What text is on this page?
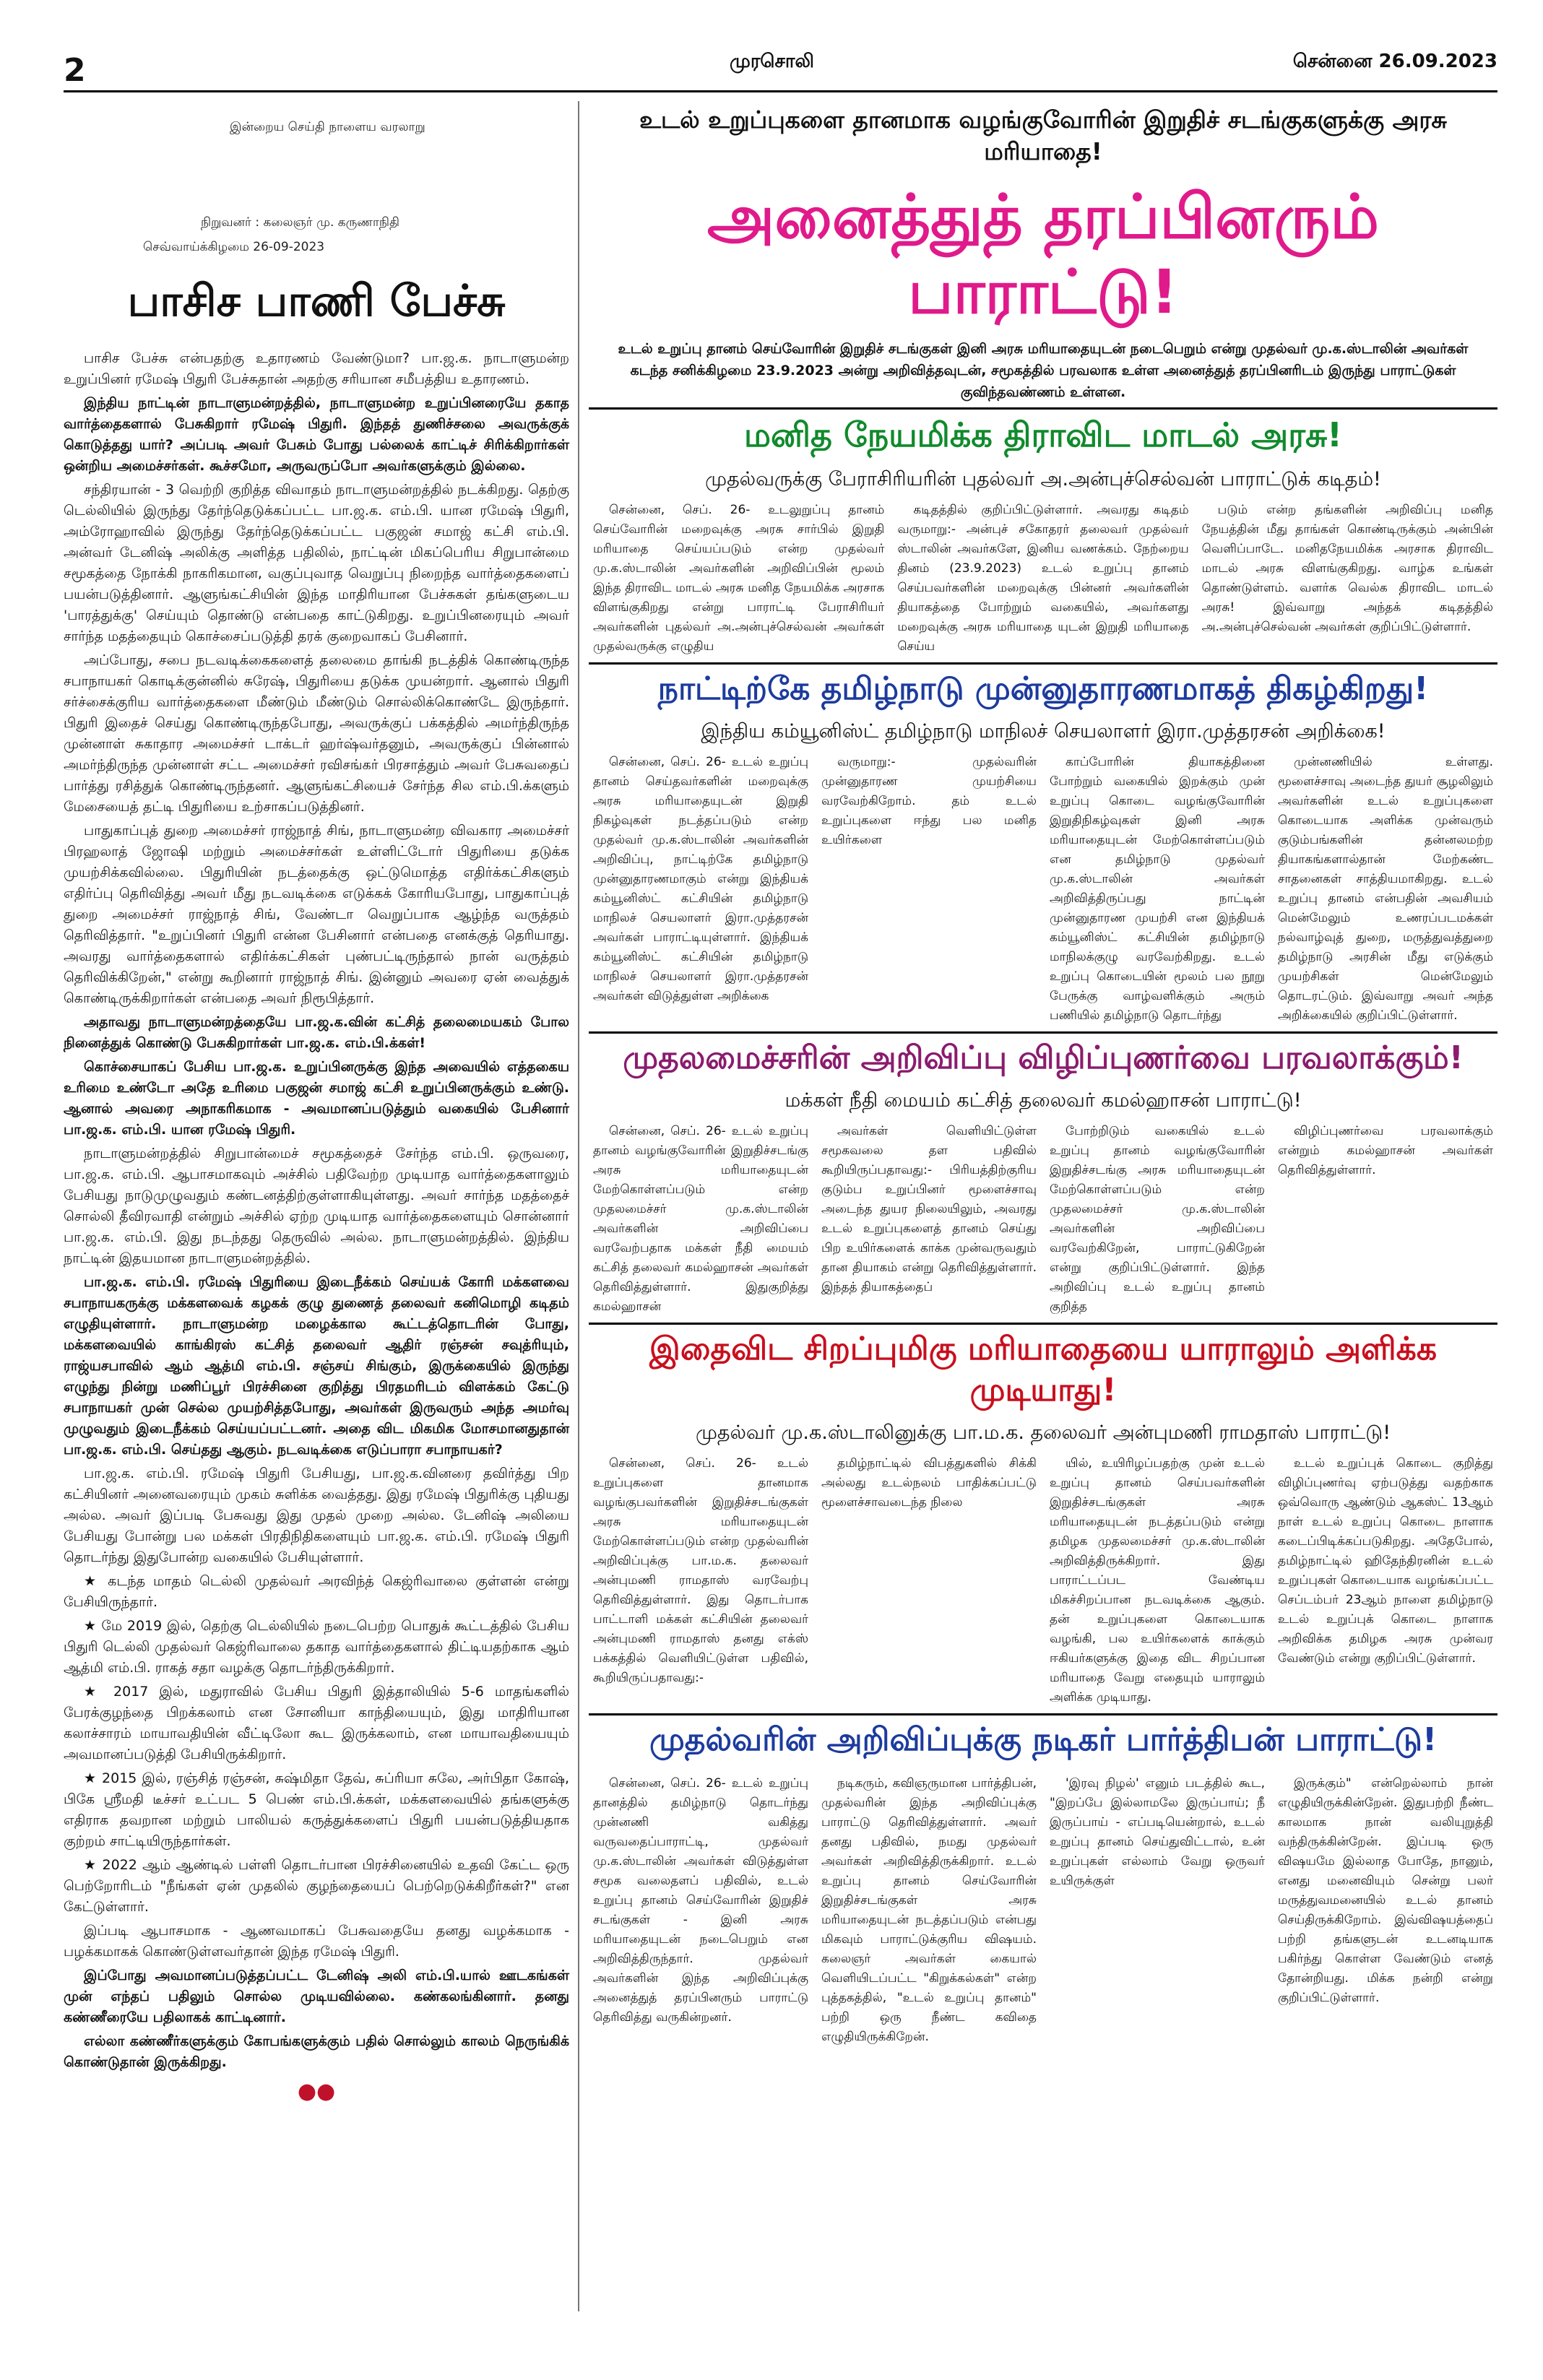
2	முரசொலி	சென்னை 26.09.2023
இன்றைய செய்தி நாளைய வரலாறு
நிறுவனர் : கலைஞர் மு. கருணாநிதி
செவ்வாய்க்கிழமை 26-09-2023
பாசிச பாணி பேச்சு

பாசிச பேச்சு என்பதற்கு உதாரணம் வேண்டுமா? பா.ஜ.க. நாடாளுமன்ற உறுப்பினர் ரமேஷ் பிதுரி பேச்சுதான் அதற்கு சரியான சமீபத்திய உதாரணம்.

இந்திய நாட்டின் நாடாளுமன்றத்தில், நாடாளுமன்ற உறுப்பினரையே தகாத வார்த்தைகளால் பேசுகிறார் ரமேஷ் பிதுரி. இந்தத் துணிச்சலை அவருக்குக் கொடுத்தது யார்? அப்படி அவர் பேசும் போது பல்லைக் காட்டிச் சிரிக்கிறார்கள் ஒன்றிய அமைச்சர்கள். கூச்சமோ, அருவருப்போ அவர்களுக்கும் இல்லை.

சந்திரயான் - 3 வெற்றி குறித்த விவாதம் நாடாளுமன்றத்தில் நடக்கிறது. தெற்கு டெல்லியில் இருந்து தேர்ந்தெடுக்கப்பட்ட பா.ஜ.க. எம்.பி. யான ரமேஷ் பிதுரி, அம்ரோஹாவில் இருந்து தேர்ந்தெடுக்கப்பட்ட பகுஜன் சமாஜ் கட்சி எம்.பி. அன்வர் டேனிஷ் அலிக்கு அளித்த பதிலில், நாட்டின் மிகப்பெரிய சிறுபான்மை சமூகத்தை நோக்கி நாகரிகமான, வகுப்புவாத வெறுப்பு நிறைந்த வார்த்தைகளைப் பயன்படுத்தினார். ஆளுங்கட்சியின் இந்த மாதிரியான பேச்சுகள் தங்களுடைய 'பாரத்துக்கு' செய்யும் தொண்டு என்பதை காட்டுகிறது. உறுப்பினரையும் அவர் சார்ந்த மதத்தையும் கொச்சைப்படுத்தி தரக் குறைவாகப் பேசினார்.

அப்போது, சபை நடவடிக்கைகளைத் தலைமை தாங்கி நடத்திக் கொண்டிருந்த சபாநாயகர் கொடிக்குன்னில் சுரேஷ், பிதுரியை தடுக்க முயன்றார். ஆனால் பிதுரி சர்ச்சைக்குரிய வார்த்தைகளை மீண்டும் மீண்டும் சொல்லிக்கொண்டே இருந்தார். பிதுரி இதைச் செய்து கொண்டிருந்தபோது, அவருக்குப் பக்கத்தில் அமர்ந்திருந்த முன்னாள் சுகாதார அமைச்சர் டாக்டர் ஹர்ஷ்வர்தனும், அவருக்குப் பின்னால் அமர்ந்திருந்த முன்னாள் சட்ட அமைச்சர் ரவிசங்கர் பிரசாத்தும் அவர் பேசுவதைப் பார்த்து ரசித்துக் கொண்டிருந்தனர். ஆளுங்கட்சியைச் சேர்ந்த சில எம்.பி.க்களும் மேசையைத் தட்டி பிதுரியை உற்சாகப்படுத்தினர்.

பாதுகாப்புத் துறை அமைச்சர் ராஜ்நாத் சிங், நாடாளுமன்ற விவகார அமைச்சர் பிரஹலாத் ஜோஷி மற்றும் அமைச்சர்கள் உள்ளிட்டோர் பிதுரியை தடுக்க முயற்சிக்கவில்லை. பிதுரியின் நடத்தைக்கு ஒட்டுமொத்த எதிர்க்கட்சிகளும் எதிர்ப்பு தெரிவித்து அவர் மீது நடவடிக்கை எடுக்கக் கோரியபோது, பாதுகாப்புத் துறை அமைச்சர் ராஜ்நாத் சிங், வேண்டா வெறுப்பாக ஆழ்ந்த வருத்தம் தெரிவித்தார். "உறுப்பினர் பிதுரி என்ன பேசினார் என்பதை எனக்குத் தெரியாது. அவரது வார்த்தைகளால் எதிர்க்கட்சிகள் புண்பட்டிருந்தால் நான் வருத்தம் தெரிவிக்கிறேன்," என்று கூறினார் ராஜ்நாத் சிங். இன்னும் அவரை ஏன் வைத்துக் கொண்டிருக்கிறார்கள் என்பதை அவர் நிரூபித்தார்.

அதாவது நாடாளுமன்றத்தையே பா.ஜ.க.வின் கட்சித் தலைமையகம் போல நினைத்துக் கொண்டு பேசுகிறார்கள் பா.ஜ.க. எம்.பி.க்கள்!

கொச்சையாகப் பேசிய பா.ஜ.க. உறுப்பினருக்கு இந்த அவையில் எத்தகைய உரிமை உண்டோ அதே உரிமை பகுஜன் சமாஜ் கட்சி உறுப்பினருக்கும் உண்டு. ஆனால் அவரை அநாகரிகமாக - அவமானப்படுத்தும் வகையில் பேசினார் பா.ஜ.க. எம்.பி. யான ரமேஷ் பிதுரி.

நாடாளுமன்றத்தில் சிறுபான்மைச் சமூகத்தைச் சேர்ந்த எம்.பி. ஒருவரை, பா.ஜ.க. எம்.பி. ஆபாசமாகவும் அச்சில் பதிவேற்ற முடியாத வார்த்தைகளாலும் பேசியது நாடுமுழுவதும் கண்டனத்திற்குள்ளாகியுள்ளது. அவர் சார்ந்த மதத்தைச் சொல்லி தீவிரவாதி என்றும் அச்சில் ஏற்ற முடியாத வார்த்தைகளையும் சொன்னார் பா.ஜ.க. எம்.பி. இது நடந்தது தெருவில் அல்ல. நாடாளுமன்றத்தில். இந்திய நாட்டின் இதயமான நாடாளுமன்றத்தில்.

பா.ஜ.க. எம்.பி. ரமேஷ் பிதுரியை இடைநீக்கம் செய்யக் கோரி மக்களவை சபாநாயகருக்கு மக்களவைக் கழகக் குழு துணைத் தலைவர் கனிமொழி கடிதம் எழுதியுள்ளார். நாடாளுமன்ற மழைக்கால கூட்டத்தொடரின் போது, மக்களவையில் காங்கிரஸ் கட்சித் தலைவர் ஆதிர் ரஞ்சன் சவுத்ரியும், ராஜ்யசபாவில் ஆம் ஆத்மி எம்.பி. சஞ்சய் சிங்கும், இருக்கையில் இருந்து எழுந்து நின்று மணிப்பூர் பிரச்சினை குறித்து பிரதமரிடம் விளக்கம் கேட்டு சபாநாயகர் முன் செல்ல முயற்சித்தபோது, அவர்கள் இருவரும் அந்த அமர்வு முழுவதும் இடைநீக்கம் செய்யப்பட்டனர். அதை விட மிகமிக மோசமானதுதான் பா.ஜ.க. எம்.பி. செய்தது ஆகும். நடவடிக்கை எடுப்பாரா சபாநாயகர்?

பா.ஜ.க. எம்.பி. ரமேஷ் பிதுரி பேசியது, பா.ஜ.க.வினரை தவிர்த்து பிற கட்சியினர் அனைவரையும் முகம் சுளிக்க வைத்தது. இது ரமேஷ் பிதுரிக்கு புதியது அல்ல. அவர் இப்படி பேசுவது இது முதல் முறை அல்ல. டேனிஷ் அலியை பேசியது போன்று பல மக்கள் பிரதிநிதிகளையும் பா.ஜ.க. எம்.பி. ரமேஷ் பிதுரி தொடர்ந்து இதுபோன்ற வகையில் பேசியுள்ளார்.

★ கடந்த மாதம் டெல்லி முதல்வர் அரவிந்த் கெஜ்ரிவாலை குள்ளன் என்று பேசியிருந்தார்.

★ மே 2019 இல், தெற்கு டெல்லியில் நடைபெற்ற பொதுக் கூட்டத்தில் பேசிய பிதுரி டெல்லி முதல்வர் கெஜ்ரிவாலை தகாத வார்த்தைகளால் திட்டியதற்காக ஆம் ஆத்மி எம்.பி. ராகத் சதா வழக்கு தொடர்ந்திருக்கிறார்.

★ 2017 இல், மதுராவில் பேசிய பிதுரி இத்தாலியில் 5-6 மாதங்களில் பேரக்குழந்தை பிறக்கலாம் என சோனியா காந்தியையும், இது மாதிரியான கலாச்சாரம் மாயாவதியின் வீட்டிலோ கூட இருக்கலாம், என மாயாவதியையும் அவமானப்படுத்தி பேசியிருக்கிறார்.

★ 2015 இல், ரஞ்சித் ரஞ்சன், சுஷ்மிதா தேவ், சுப்ரியா சுலே, அர்பிதா கோஷ், பிகே ஸ்ரீமதி டீச்சர் உட்பட 5 பெண் எம்.பி.க்கள், மக்களவையில் தங்களுக்கு எதிராக தவறான மற்றும் பாலியல் கருத்துக்களைப் பிதுரி பயன்படுத்தியதாக குற்றம் சாட்டியிருந்தார்கள்.

★ 2022 ஆம் ஆண்டில் பள்ளி தொடர்பான பிரச்சினையில் உதவி கேட்ட ஒரு பெற்றோரிடம் "நீங்கள் ஏன் முதலில் குழந்தையைப் பெற்றெடுக்கிறீர்கள்?" என கேட்டுள்ளார்.

இப்படி ஆபாசமாக - ஆணவமாகப் பேசுவதையே தனது வழக்கமாக - பழக்கமாகக் கொண்டுள்ளவர்தான் இந்த ரமேஷ் பிதுரி.

இப்போது அவமானப்படுத்தப்பட்ட டேனிஷ் அலி எம்.பி.யால் ஊடகங்கள் முன் எந்தப் பதிலும் சொல்ல முடியவில்லை. கண்கலங்கினார். தனது கண்ணீரையே பதிலாகக் காட்டினார்.

எல்லா கண்ணீர்களுக்கும் கோபங்களுக்கும் பதில் சொல்லும் காலம் நெருங்கிக் கொண்டுதான் இருக்கிறது.

●●
உடல் உறுப்புகளை தானமாக வழங்குவோரின் இறுதிச் சடங்குகளுக்கு அரசு மரியாதை!
அனைத்துத் தரப்பினரும் பாராட்டு!
உடல் உறுப்பு தானம் செய்வோரின் இறுதிச் சடங்குகள் இனி அரசு மரியாதையுடன் நடைபெறும் என்று முதல்வர் மு.க.ஸ்டாலின் அவர்கள் கடந்த சனிக்கிழமை 23.9.2023 அன்று அறிவித்தவுடன், சமூகத்தில் பரவலாக உள்ள அனைத்துத் தரப்பினரிடம் இருந்து பாராட்டுகள் குவிந்தவண்ணம் உள்ளன.
மனித நேயமிக்க திராவிட மாடல் அரசு!
முதல்வருக்கு பேராசிரியரின் புதல்வர் அ.அன்புச்செல்வன் பாராட்டுக் கடிதம்!

சென்னை, செப். 26- உடலுறுப்பு தானம் செய்வோரின் மறைவுக்கு அரசு சார்பில் இறுதி மரியாதை செய்யப்படும் என்ற முதல்வர் மு.க.ஸ்டாலின் அவர்களின் அறிவிப்பின் மூலம் இந்த திராவிட மாடல் அரசு மனித நேயமிக்க அரசாக விளங்குகிறது என்று பாராட்டி பேராசிரியர் அவர்களின் புதல்வர் அ.அன்புச்செல்வன் அவர்கள் முதல்வருக்கு எழுதிய

கடிதத்தில் குறிப்பிட்டுள்ளார். அவரது கடிதம் வருமாறு:- அன்புச் சகோதரர் தலைவர் முதல்வர் ஸ்டாலின் அவர்களே, இனிய வணக்கம். நேற்றைய தினம் (23.9.2023) உடல் உறுப்பு தானம் செய்பவர்களின் மறைவுக்கு பின்னர் அவர்களின் தியாகத்தை போற்றும் வகையில், அவர்களது மறைவுக்கு அரசு மரியாதை யுடன் இறுதி மரியாதை செய்ய

படும் என்ற தங்களின் அறிவிப்பு மனித நேயத்தின் மீது தாங்கள் கொண்டிருக்கும் அன்பின் வெளிப்பாடே. மனிதநேயமிக்க அரசாக திராவிட மாடல் அரசு விளங்குகிறது. வாழ்க உங்கள் தொண்டுள்ளம். வளர்க வெல்க திராவிட மாடல் அரசு! இவ்வாறு அந்தக் கடிதத்தில் அ.அன்புச்செல்வன் அவர்கள் குறிப்பிட்டுள்ளார்.

நாட்டிற்கே தமிழ்நாடு முன்னுதாரணமாகத் திகழ்கிறது!
இந்திய கம்யூனிஸ்ட் தமிழ்நாடு மாநிலச் செயலாளர் இரா.முத்தரசன் அறிக்கை!

சென்னை, செப். 26- உடல் உறுப்பு தானம் செய்தவர்களின் மறைவுக்கு அரசு மரியாதையுடன் இறுதி நிகழ்வுகள் நடத்தப்படும் என்ற முதல்வர் மு.க.ஸ்டாலின் அவர்களின் அறிவிப்பு, நாட்டிற்கே தமிழ்நாடு முன்னுதாரணமாகும் என்று இந்தியக் கம்யூனிஸ்ட் கட்சியின் தமிழ்நாடு மாநிலச் செயலாளர் இரா.முத்தரசன் அவர்கள் பாராட்டியுள்ளார். இந்தியக் கம்யூனிஸ்ட் கட்சியின் தமிழ்நாடு மாநிலச் செயலாளர் இரா.முத்தரசன் அவர்கள் விடுத்துள்ள அறிக்கை

வருமாறு:- முதல்வரின் முன்னுதாரண முயற்சியை வரவேற்கிறோம். தம் உடல் உறுப்புகளை ஈந்து பல மனித உயிர்களை

காப்போரின் தியாகத்தினை போற்றும் வகையில் இறக்கும் முன் உறுப்பு கொடை வழங்குவோரின் இறுதிநிகழ்வுகள் இனி அரசு மரியாதையுடன் மேற்கொள்ளப்படும் என தமிழ்நாடு முதல்வர் மு.க.ஸ்டாலின் அவர்கள் அறிவித்திருப்பது நாட்டின் முன்னுதாரண முயற்சி என இந்தியக் கம்யூனிஸ்ட் கட்சியின் தமிழ்நாடு மாநிலக்குழு வரவேற்கிறது. உடல் உறுப்பு கொடையின் மூலம் பல நூறு பேருக்கு வாழ்வளிக்கும் அரும் பணியில் தமிழ்நாடு தொடர்ந்து

முன்னணியில் உள்ளது. மூளைச்சாவு அடைந்த துயர் சூழலிலும் அவர்களின் உடல் உறுப்புகளை கொடையாக அளிக்க முன்வரும் குடும்பங்களின் தன்னலமற்ற தியாகங்களால்தான் மேற்கண்ட சாதனைகள் சாத்தியமாகிறது. உடல் உறுப்பு தானம் என்பதின் அவசியம் மென்மேலும் உணரப்படமக்கள் நல்வாழ்வுத் துறை, மருத்துவத்துறை தமிழ்நாடு அரசின் மீது எடுக்கும் முயற்சிகள் மென்மேலும் தொடரட்டும். இவ்வாறு அவர் அந்த அறிக்கையில் குறிப்பிட்டுள்ளார்.

முதலமைச்சரின் அறிவிப்பு விழிப்புணர்வை பரவலாக்கும்!
மக்கள் நீதி மையம் கட்சித் தலைவர் கமல்ஹாசன் பாராட்டு!

சென்னை, செப். 26- உடல் உறுப்பு தானம் வழங்குவோரின் இறுதிச்சடங்கு அரசு மரியாதையுடன் மேற்கொள்ளப்படும் என்ற முதலமைச்சர் மு.க.ஸ்டாலின் அவர்களின் அறிவிப்பை வரவேற்பதாக மக்கள் நீதி மையம் கட்சித் தலைவர் கமல்ஹாசன் அவர்கள் தெரிவித்துள்ளார். இதுகுறித்து கமல்ஹாசன்

அவர்கள் வெளியிட்டுள்ள சமூகவலை தள பதிவில் கூறியிருப்பதாவது:- பிரியத்திற்குரிய குடும்ப உறுப்பினர் மூளைச்சாவு அடைந்த துயர நிலையிலும், அவரது உடல் உறுப்புகளைத் தானம் செய்து பிற உயிர்களைக் காக்க முன்வருவதும் தான தியாகம் என்று தெரிவித்துள்ளார். இந்தத் தியாகத்தைப்

போற்றிடும் வகையில் உடல் உறுப்பு தானம் வழங்குவோரின் இறுதிச்சடங்கு அரசு மரியாதையுடன் மேற்கொள்ளப்படும் என்ற முதலமைச்சர் மு.க.ஸ்டாலின் அவர்களின் அறிவிப்பை வரவேற்கிறேன், பாராட்டுகிறேன் என்று குறிப்பிட்டுள்ளார். இந்த அறிவிப்பு உடல் உறுப்பு தானம் குறித்த

விழிப்புணர்வை பரவலாக்கும் என்றும் கமல்ஹாசன் அவர்கள் தெரிவித்துள்ளார்.

இதைவிட சிறப்புமிகு மரியாதையை யாராலும் அளிக்க முடியாது!
முதல்வர் மு.க.ஸ்டாலினுக்கு பா.ம.க. தலைவர் அன்புமணி ராமதாஸ் பாராட்டு!

சென்னை, செப். 26- உடல் உறுப்புகளை தானமாக வழங்குபவர்களின் இறுதிச்சடங்குகள் அரசு மரியாதையுடன் மேற்கொள்ளப்படும் என்ற முதல்வரின் அறிவிப்புக்கு பா.ம.க. தலைவர் அன்புமணி ராமதாஸ் வரவேற்பு தெரிவித்துள்ளார். இது தொடர்பாக பாட்டாளி மக்கள் கட்சியின் தலைவர் அன்புமணி ராமதாஸ் தனது எக்ஸ் பக்கத்தில் வெளியிட்டுள்ள பதிவில், கூறியிருப்பதாவது:-

தமிழ்நாட்டில் விபத்துகளில் சிக்கி அல்லது உடல்நலம் பாதிக்கப்பட்டு மூளைச்சாவடைந்த நிலை

யில், உயிரிழப்பதற்கு முன் உடல் உறுப்பு தானம் செய்பவர்களின் இறுதிச்சடங்குகள் அரசு மரியாதையுடன் நடத்தப்படும் என்று தமிழக முதலமைச்சர் மு.க.ஸ்டாலின் அறிவித்திருக்கிறார். இது பாராட்டப்பட வேண்டிய மிகச்சிறப்பான நடவடிக்கை ஆகும். தன் உறுப்புகளை கொடையாக வழங்கி, பல உயிர்களைக் காக்கும் ஈகியர்களுக்கு இதை விட சிறப்பான மரியாதை வேறு எதையும் யாராலும் அளிக்க முடியாது.

உடல் உறுப்புக் கொடை குறித்து விழிப்புணர்வு ஏற்படுத்து வதற்காக ஒவ்வொரு ஆண்டும் ஆகஸ்ட் 13ஆம் நாள் உடல் உறுப்பு கொடை நாளாக கடைப்பிடிக்கப்படுகிறது. அதேபோல், தமிழ்நாட்டில் ஹிதேந்திரனின் உடல் உறுப்புகள் கொடையாக வழங்கப்பட்ட செப்டம்பர் 23ஆம் நாளை தமிழ்நாடு உடல் உறுப்புக் கொடை நாளாக அறிவிக்க தமிழக அரசு முன்வர வேண்டும் என்று குறிப்பிட்டுள்ளார்.

முதல்வரின் அறிவிப்புக்கு நடிகர் பார்த்திபன் பாராட்டு!

சென்னை, செப். 26- உடல் உறுப்பு தானத்தில் தமிழ்நாடு தொடர்ந்து முன்னணி வகித்து வருவதைப்பாராட்டி, முதல்வர் மு.க.ஸ்டாலின் அவர்கள் விடுத்துள்ள சமூக வலைதளப் பதிவில், உடல் உறுப்பு தானம் செய்வோரின் இறுதிச் சடங்குகள் - இனி அரசு மரியாதையுடன் நடைபெறும் என அறிவித்திருந்தார். முதல்வர் அவர்களின் இந்த அறிவிப்புக்கு அனைத்துத் தரப்பினரும் பாராட்டு தெரிவித்து வருகின்றனர்.

நடிகரும், கவிஞருமான பார்த்திபன், முதல்வரின் இந்த அறிவிப்புக்கு பாராட்டு தெரிவித்துள்ளார். அவர் தனது பதிவில், நமது முதல்வர் அவர்கள் அறிவித்திருக்கிறார். உடல் உறுப்பு தானம் செய்வோரின் இறுதிச்சடங்குகள் அரசு மரியாதையுடன் நடத்தப்படும் என்பது மிகவும் பாராட்டுக்குரிய விஷயம். கலைஞர் அவர்கள் கையால் வெளியிடப்பட்ட "கிறுக்கல்கள்" என்ற புத்தகத்தில், "உடல் உறுப்பு தானம்" பற்றி ஒரு நீண்ட கவிதை எழுதியிருக்கிறேன்.

'இரவு நிழல்' எனும் படத்தில் கூட, "இறப்பே இல்லாமலே இருப்பாய்; நீ இருப்பாய் - எப்படியென்றால், உடல் உறுப்பு தானம் செய்துவிட்டால், உன் உறுப்புகள் எல்லாம் வேறு ஒருவர் உயிருக்குள்

இருக்கும்" என்றெல்லாம் நான் எழுதியிருக்கின்றேன். இதுபற்றி நீண்ட காலமாக நான் வலியுறுத்தி வந்திருக்கின்றேன். இப்படி ஒரு விஷயமே இல்லாத போதே, நானும், எனது மனைவியும் சென்று பலர் மருத்துவமனையில் உடல் தானம் செய்திருக்கிறோம். இவ்விஷயத்தைப் பற்றி தங்களுடன் உடனடியாக பகிர்ந்து கொள்ள வேண்டும் எனத் தோன்றியது. மிக்க நன்றி என்று குறிப்பிட்டுள்ளார்.
